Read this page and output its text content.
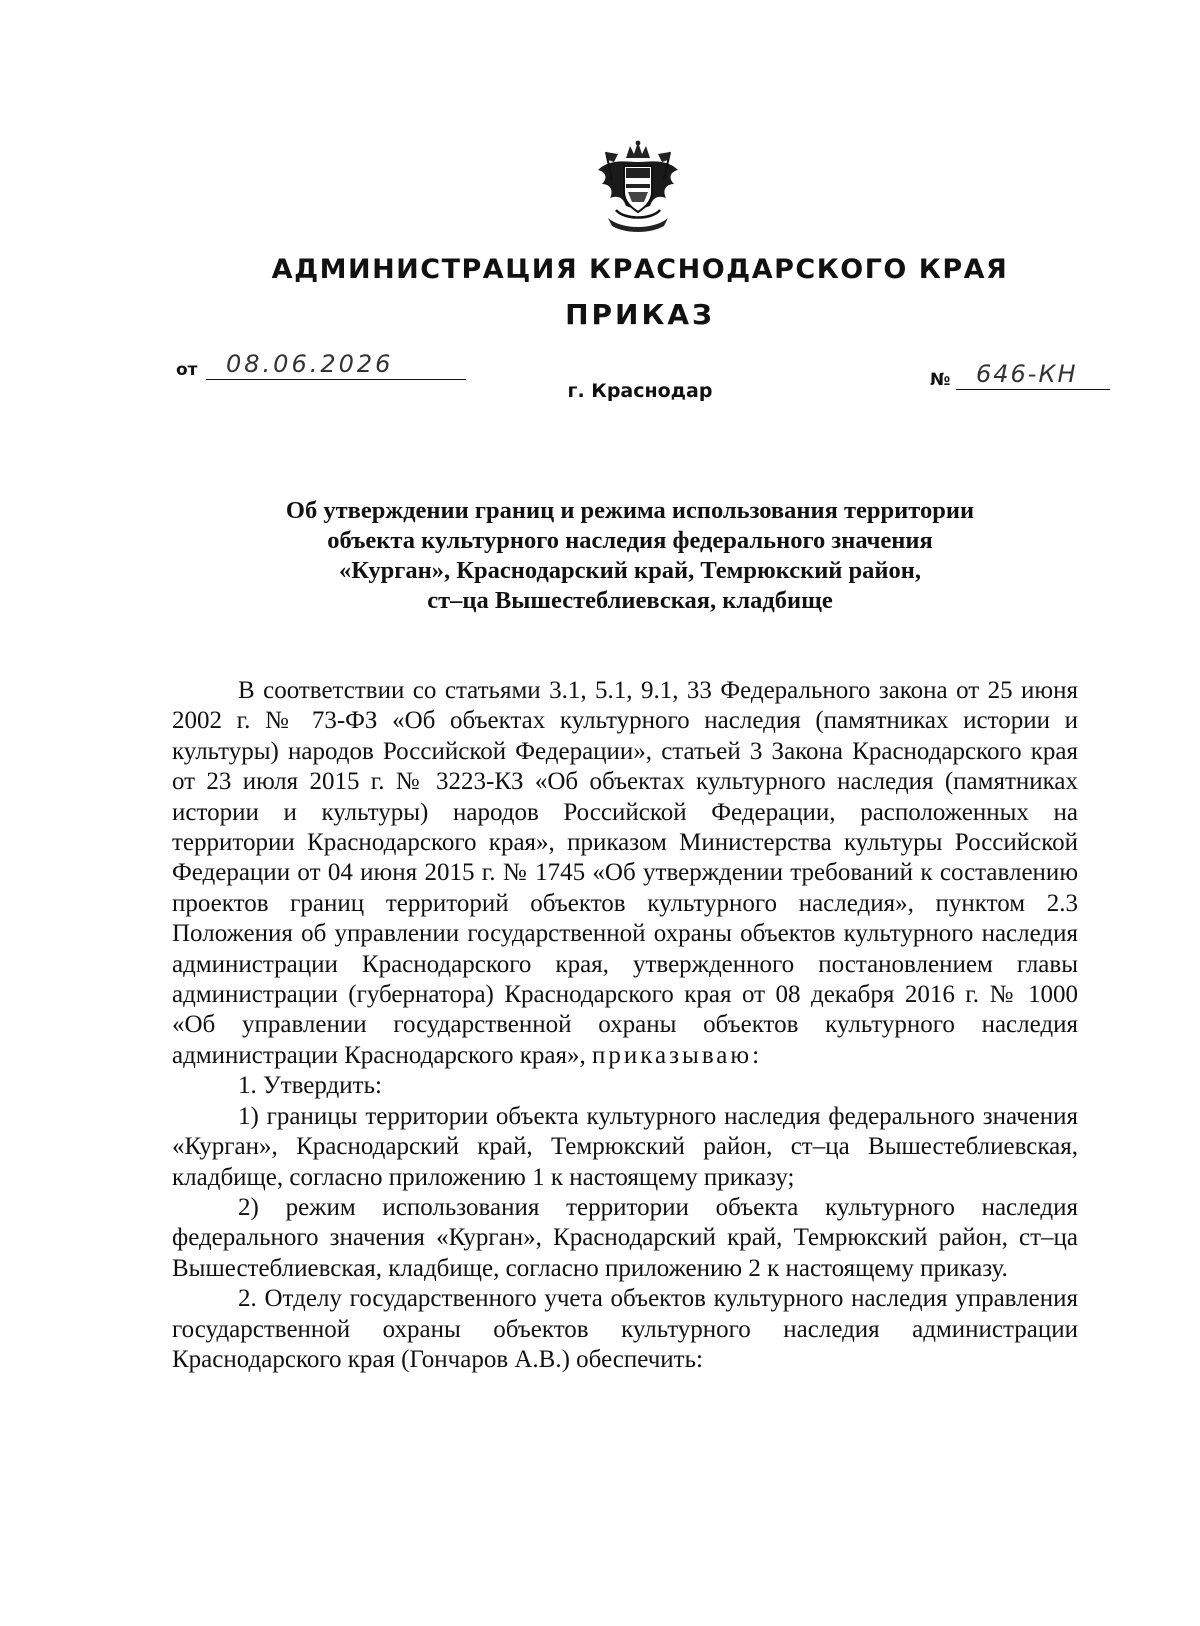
АДМИНИСТРАЦИЯ КРАСНОДАРСКОГО КРАЯ
ПРИКАЗ
от 08.06.2026
г. Краснодар	№ 646-КН
Об утверждении границ и режима использования территории
объекта культурного наследия федерального значения
«Курган», Краснодарский край, Темрюкский район,
ст–ца Вышестеблиевская, кладбище

В соответствии со статьями 3.1, 5.1, 9.1, 33 Федерального закона от 25 июня 2002 г. № 73-ФЗ «Об объектах культурного наследия (памятниках истории и культуры) народов Российской Федерации», статьей 3 Закона Краснодарского края от 23 июля 2015 г. № 3223-КЗ «Об объектах культурного наследия (памятниках истории и культуры) народов Российской Федерации, расположенных на территории Краснодарского края», приказом Министерства культуры Российской Федерации от 04 июня 2015 г. № 1745 «Об утверждении требований к составлению проектов границ территорий объектов культурного наследия», пунктом 2.3 Положения об управлении государственной охраны объектов культурного наследия администрации Краснодарского края, утвержденного постановлением главы администрации (губернатора) Краснодарского края от 08 декабря 2016 г. № 1000 «Об управлении государственной охраны объектов культурного наследия администрации Краснодарского края», приказываю:

1. Утвердить:

1) границы территории объекта культурного наследия федерального значения «Курган», Краснодарский край, Темрюкский район, ст–ца Вышестеблиевская, кладбище, согласно приложению 1 к настоящему приказу;

2) режим использования территории объекта культурного наследия федерального значения «Курган», Краснодарский край, Темрюкский район, ст–ца Вышестеблиевская, кладбище, согласно приложению 2 к настоящему приказу.

2. Отделу государственного учета объектов культурного наследия управления государственной охраны объектов культурного наследия администрации Краснодарского края (Гончаров А.В.) обеспечить:
